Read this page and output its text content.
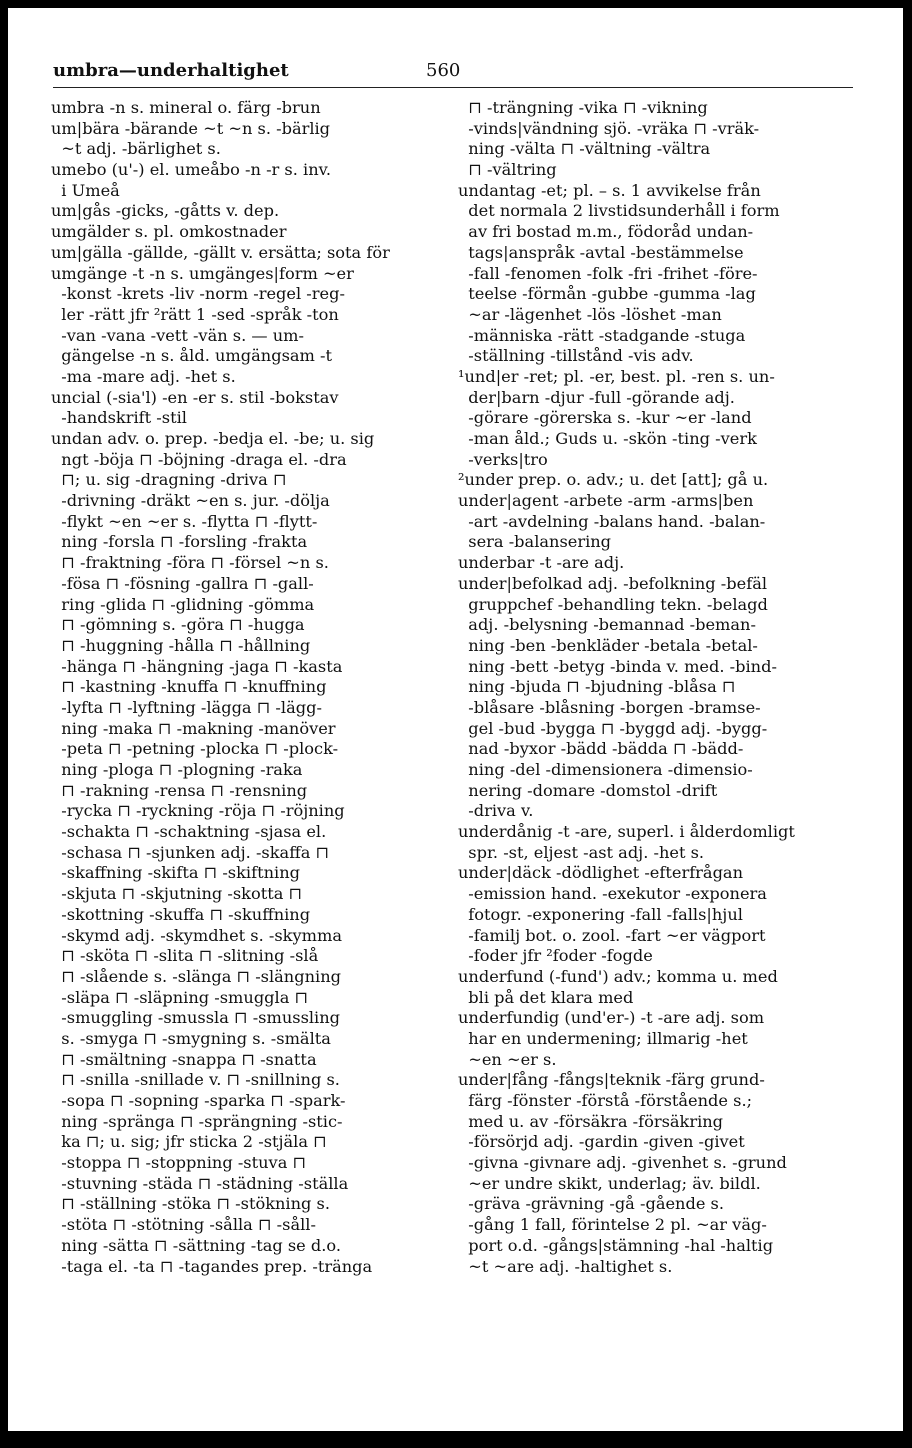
umbra—underhaltighet	560
umbra -n s. mineral o. färg -brun
um|bära -bärande ~t ~n s. -bärlig
~t adj. -bärlighet s.
umebo (u'-) el. umeåbo -n -r s. inv.
i Umeå
um|gås -gicks, -gåtts v. dep.
umgälder s. pl. omkostnader
um|gälla -gällde, -gällt v. ersätta; sota för
umgänge -t -n s. umgänges|form ~er
-konst -krets -liv -norm -regel -reg-
ler -rätt jfr ²rätt 1 -sed -språk -ton
-van -vana -vett -vän s. — um-
gängelse -n s. åld. umgängsam -t
-ma -mare adj. -het s.
uncial (-sia'l) -en -er s. stil -bokstav
-handskrift -stil
undan adv. o. prep. -bedja el. -be; u. sig
ngt -böja ⊓ -böjning -draga el. -dra
⊓; u. sig -dragning -driva ⊓
-drivning -dräkt ~en s. jur. -dölja
-flykt ~en ~er s. -flytta ⊓ -flytt-
ning -forsla ⊓ -forsling -frakta
⊓ -fraktning -föra ⊓ -försel ~n s.
-fösa ⊓ -fösning -gallra ⊓ -gall-
ring -glida ⊓ -glidning -gömma
⊓ -gömning s. -göra ⊓ -hugga
⊓ -huggning -hålla ⊓ -hållning
-hänga ⊓ -hängning -jaga ⊓ -kasta
⊓ -kastning -knuffa ⊓ -knuffning
-lyfta ⊓ -lyftning -lägga ⊓ -lägg-
ning -maka ⊓ -makning -manöver
-peta ⊓ -petning -plocka ⊓ -plock-
ning -ploga ⊓ -plogning -raka
⊓ -rakning -rensa ⊓ -rensning
-rycka ⊓ -ryckning -röja ⊓ -röjning
-schakta ⊓ -schaktning -sjasa el.
-schasa ⊓ -sjunken adj. -skaffa ⊓
-skaffning -skifta ⊓ -skiftning
-skjuta ⊓ -skjutning -skotta ⊓
-skottning -skuffa ⊓ -skuffning
-skymd adj. -skymdhet s. -skymma
⊓ -sköta ⊓ -slita ⊓ -slitning -slå
⊓ -slående s. -slänga ⊓ -slängning
-släpa ⊓ -släpning -smuggla ⊓
-smuggling -smussla ⊓ -smussling
s. -smyga ⊓ -smygning s. -smälta
⊓ -smältning -snappa ⊓ -snatta
⊓ -snilla -snillade v. ⊓ -snillning s.
-sopa ⊓ -sopning -sparka ⊓ -spark-
ning -spränga ⊓ -sprängning -stic-
ka ⊓; u. sig; jfr sticka 2 -stjäla ⊓
-stoppa ⊓ -stoppning -stuva ⊓
-stuvning -städa ⊓ -städning -ställa
⊓ -ställning -stöka ⊓ -stökning s.
-stöta ⊓ -stötning -sålla ⊓ -såll-
ning -sätta ⊓ -sättning -tag se d.o.
-taga el. -ta ⊓ -tagandes prep. -tränga
⊓ -trängning -vika ⊓ -vikning
-vinds|vändning sjö. -vräka ⊓ -vräk-
ning -välta ⊓ -vältning -vältra
⊓ -vältring
undantag -et; pl. – s. 1 avvikelse från
det normala 2 livstidsunderhåll i form
av fri bostad m.m., födoråd undan-
tags|anspråk -avtal -bestämmelse
-fall -fenomen -folk -fri -frihet -före-
teelse -förmån -gubbe -gumma -lag
~ar -lägenhet -lös -löshet -man
-människa -rätt -stadgande -stuga
-ställning -tillstånd -vis adv.
¹und|er -ret; pl. -er, best. pl. -ren s. un-
der|barn -djur -full -görande adj.
-görare -görerska s. -kur ~er -land
-man åld.; Guds u. -skön -ting -verk
-verks|tro
²under prep. o. adv.; u. det [att]; gå u.
under|agent -arbete -arm -arms|ben
-art -avdelning -balans hand. -balan-
sera -balansering
underbar -t -are adj.
under|befolkad adj. -befolkning -befäl
gruppchef -behandling tekn. -belagd
adj. -belysning -bemannad -beman-
ning -ben -benkläder -betala -betal-
ning -bett -betyg -binda v. med. -bind-
ning -bjuda ⊓ -bjudning -blåsa ⊓
-blåsare -blåsning -borgen -bramse-
gel -bud -bygga ⊓ -byggd adj. -bygg-
nad -byxor -bädd -bädda ⊓ -bädd-
ning -del -dimensionera -dimensio-
nering -domare -domstol -drift
-driva v.
underdånig -t -are, superl. i ålderdomligt
spr. -st, eljest -ast adj. -het s.
under|däck -dödlighet -efterfrågan
-emission hand. -exekutor -exponera
fotogr. -exponering -fall -falls|hjul
-familj bot. o. zool. -fart ~er vägport
-foder jfr ²foder -fogde
underfund (-fund') adv.; komma u. med
bli på det klara med
underfundig (und'er-) -t -are adj. som
har en undermening; illmarig -het
~en ~er s.
under|fång -fångs|teknik -färg grund-
färg -fönster -förstå -förstående s.;
med u. av -försäkra -försäkring
-försörjd adj. -gardin -given -givet
-givna -givnare adj. -givenhet s. -grund
~er undre skikt, underlag; äv. bildl.
-gräva -grävning -gå -gående s.
-gång 1 fall, förintelse 2 pl. ~ar väg-
port o.d. -gångs|stämning -hal -haltig
~t ~are adj. -haltighet s.
